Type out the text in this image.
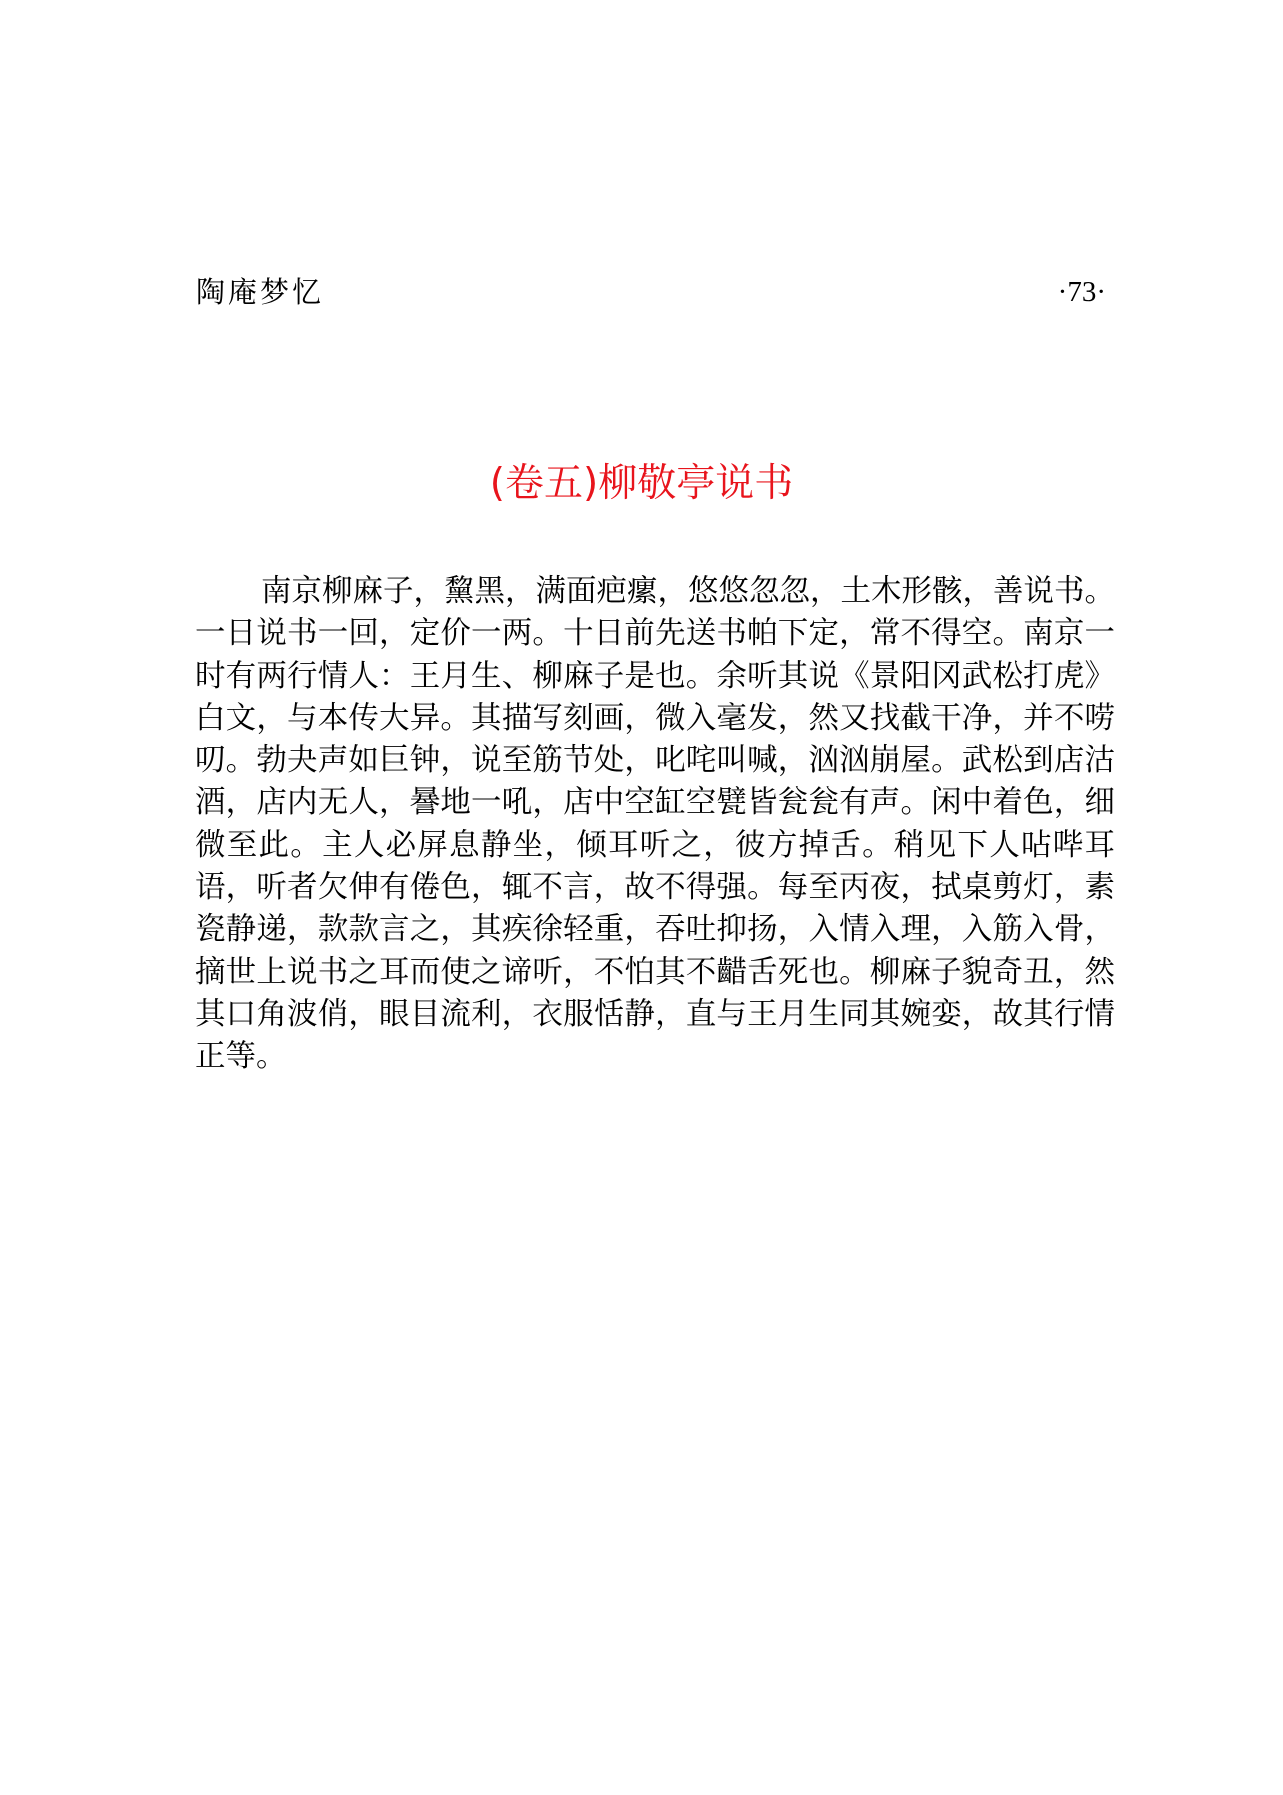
陶庵梦忆	·73·
(卷五)柳敬亭说书

南京柳麻子，黧黑，满面疤瘰，悠悠忽忽，土木形骸，善说书。一日说书一回，定价一两。十日前先送书帕下定，常不得空。南京一时有两行情人：王月生、柳麻子是也。余听其说《景阳冈武松打虎》白文，与本传大异。其描写刻画，微入毫发，然又找截干净，并不唠叨。勃夬声如巨钟，说至筋节处，叱咤叫喊，汹汹崩屋。武松到店沽酒，店内无人，謈地一吼，店中空缸空甓皆瓮瓮有声。闲中着色，细微至此。主人必屏息静坐，倾耳听之，彼方掉舌。稍见下人呫哔耳语，听者欠伸有倦色，辄不言，故不得强。每至丙夜，拭桌剪灯，素瓷静递，款款言之，其疾徐轻重，吞吐抑扬，入情入理，入筋入骨，摘世上说书之耳而使之谛听，不怕其不齰舌死也。柳麻子貌奇丑，然其口角波俏，眼目流利，衣服恬静，直与王月生同其婉娈，故其行情正等。
